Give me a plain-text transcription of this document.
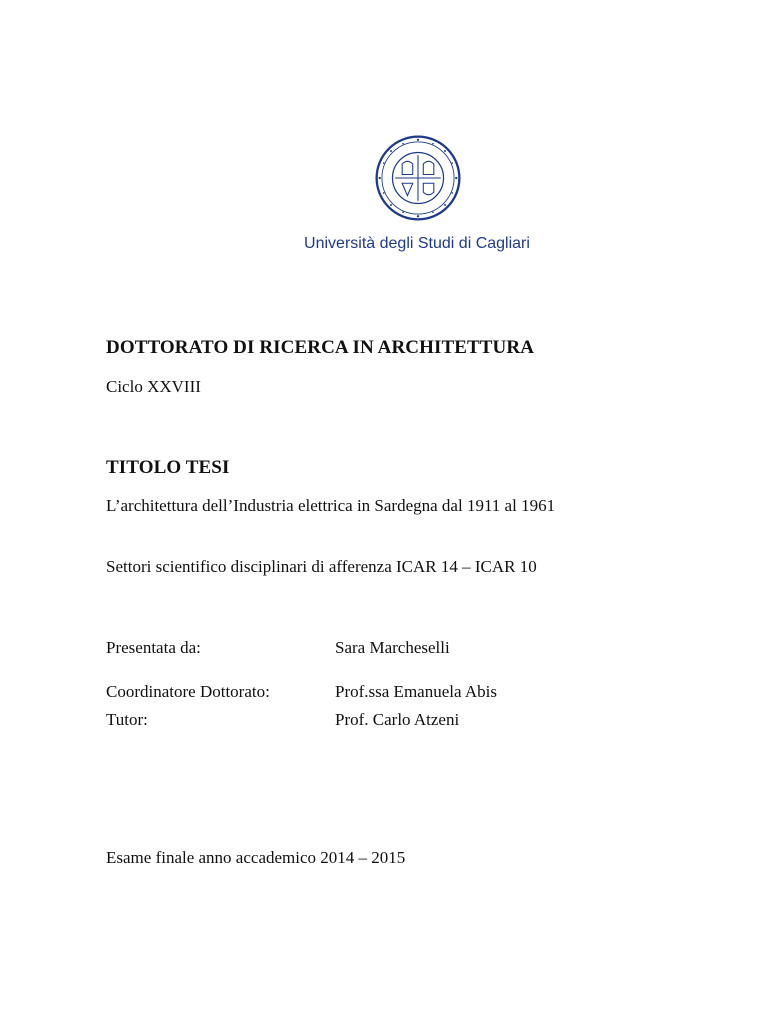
Università degli Studi di Cagliari
DOTTORATO DI RICERCA IN ARCHITETTURA
Ciclo XXVIII
TITOLO TESI
L’architettura dell’Industria elettrica in Sardegna dal 1911 al 1961
Settori scientifico disciplinari di afferenza ICAR 14 – ICAR 10
Presentata da:	Sara Marcheselli
Coordinatore Dottorato:	Prof.ssa Emanuela Abis
Tutor:	Prof. Carlo Atzeni
Esame finale anno accademico 2014 – 2015
